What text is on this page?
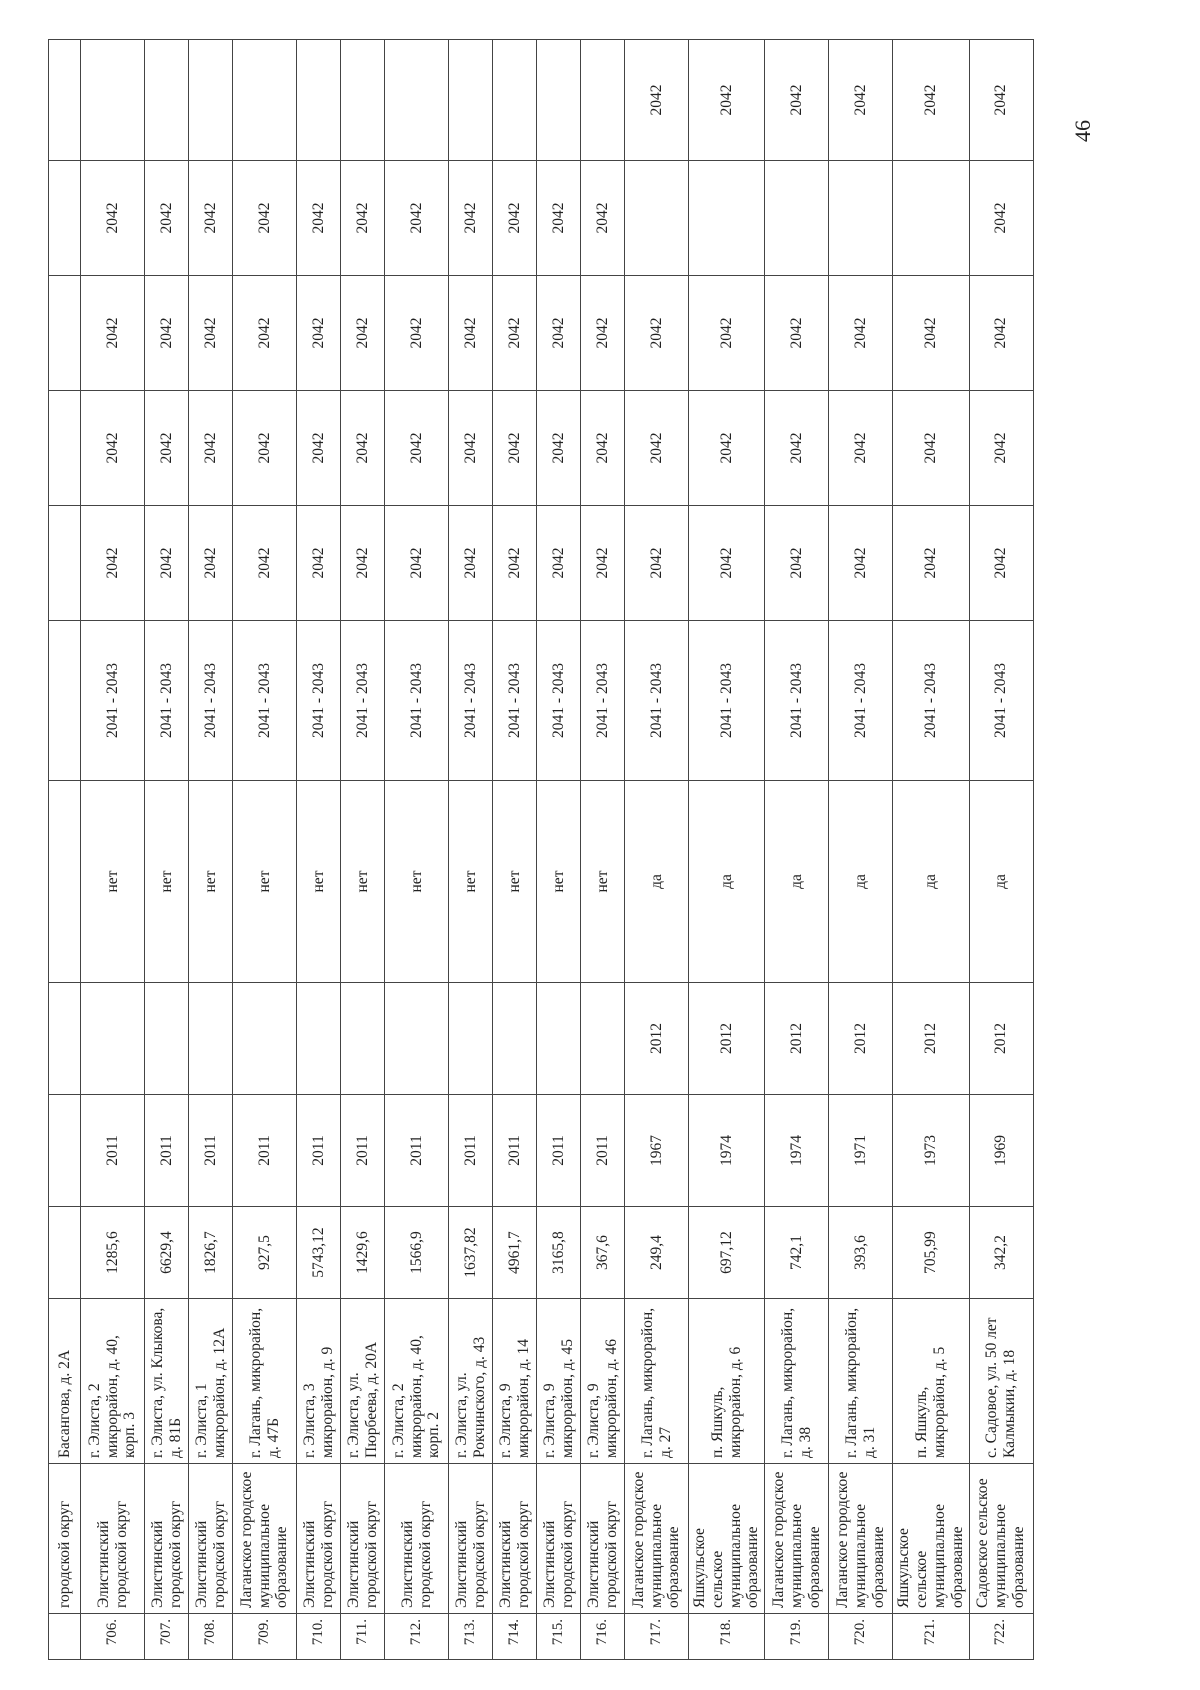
	городской округ	Басангова, д. 2А										
706.	Элистинский городской округ	г. Элиста, 2 микрорайон, д. 40, корп. 3	1285,6	2011		нет	2041 - 2043	2042	2042	2042	2042	
707.	Элистинский городской округ	г. Элиста, ул. Клыкова, д. 81Б	6629,4	2011		нет	2041 - 2043	2042	2042	2042	2042	
708.	Элистинский городской округ	г. Элиста, 1 микрорайон, д. 12А	1826,7	2011		нет	2041 - 2043	2042	2042	2042	2042	
709.	Лаганское городское муниципальное образование	г. Лагань, микрорайон, д. 47Б	927,5	2011		нет	2041 - 2043	2042	2042	2042	2042	
710.	Элистинский городской округ	г. Элиста, 3 микрорайон, д. 9	5743,12	2011		нет	2041 - 2043	2042	2042	2042	2042	
711.	Элистинский городской округ	г. Элиста, ул. Пюрбеева, д. 20А	1429,6	2011		нет	2041 - 2043	2042	2042	2042	2042	
712.	Элистинский городской округ	г. Элиста, 2 микрорайон, д. 40, корп. 2	1566,9	2011		нет	2041 - 2043	2042	2042	2042	2042	
713.	Элистинский городской округ	г. Элиста, ул. Рокчинского, д. 43	1637,82	2011		нет	2041 - 2043	2042	2042	2042	2042	
714.	Элистинский городской округ	г. Элиста, 9 микрорайон, д. 14	4961,7	2011		нет	2041 - 2043	2042	2042	2042	2042	
715.	Элистинский городской округ	г. Элиста, 9 микрорайон, д. 45	3165,8	2011		нет	2041 - 2043	2042	2042	2042	2042	
716.	Элистинский городской округ	г. Элиста, 9 микрорайон, д. 46	367,6	2011		нет	2041 - 2043	2042	2042	2042	2042	
717.	Лаганское городское муниципальное образование	г. Лагань, микрорайон, д. 27	249,4	1967	2012	да	2041 - 2043	2042	2042	2042		2042
718.	Яшкульское сельское муниципальное образование	п. Яшкуль, микрорайон, д. 6	697,12	1974	2012	да	2041 - 2043	2042	2042	2042		2042
719.	Лаганское городское муниципальное образование	г. Лагань, микрорайон, д. 38	742,1	1974	2012	да	2041 - 2043	2042	2042	2042		2042
720.	Лаганское городское муниципальное образование	г. Лагань, микрорайон, д. 31	393,6	1971	2012	да	2041 - 2043	2042	2042	2042		2042
721.	Яшкульское сельское муниципальное образование	п. Яшкуль, микрорайон, д. 5	705,99	1973	2012	да	2041 - 2043	2042	2042	2042		2042
722.	Садовское сельское муниципальное образование	с. Садовое, ул. 50 лет Калмыкии, д. 18	342,2	1969	2012	да	2041 - 2043	2042	2042	2042	2042	2042
46
